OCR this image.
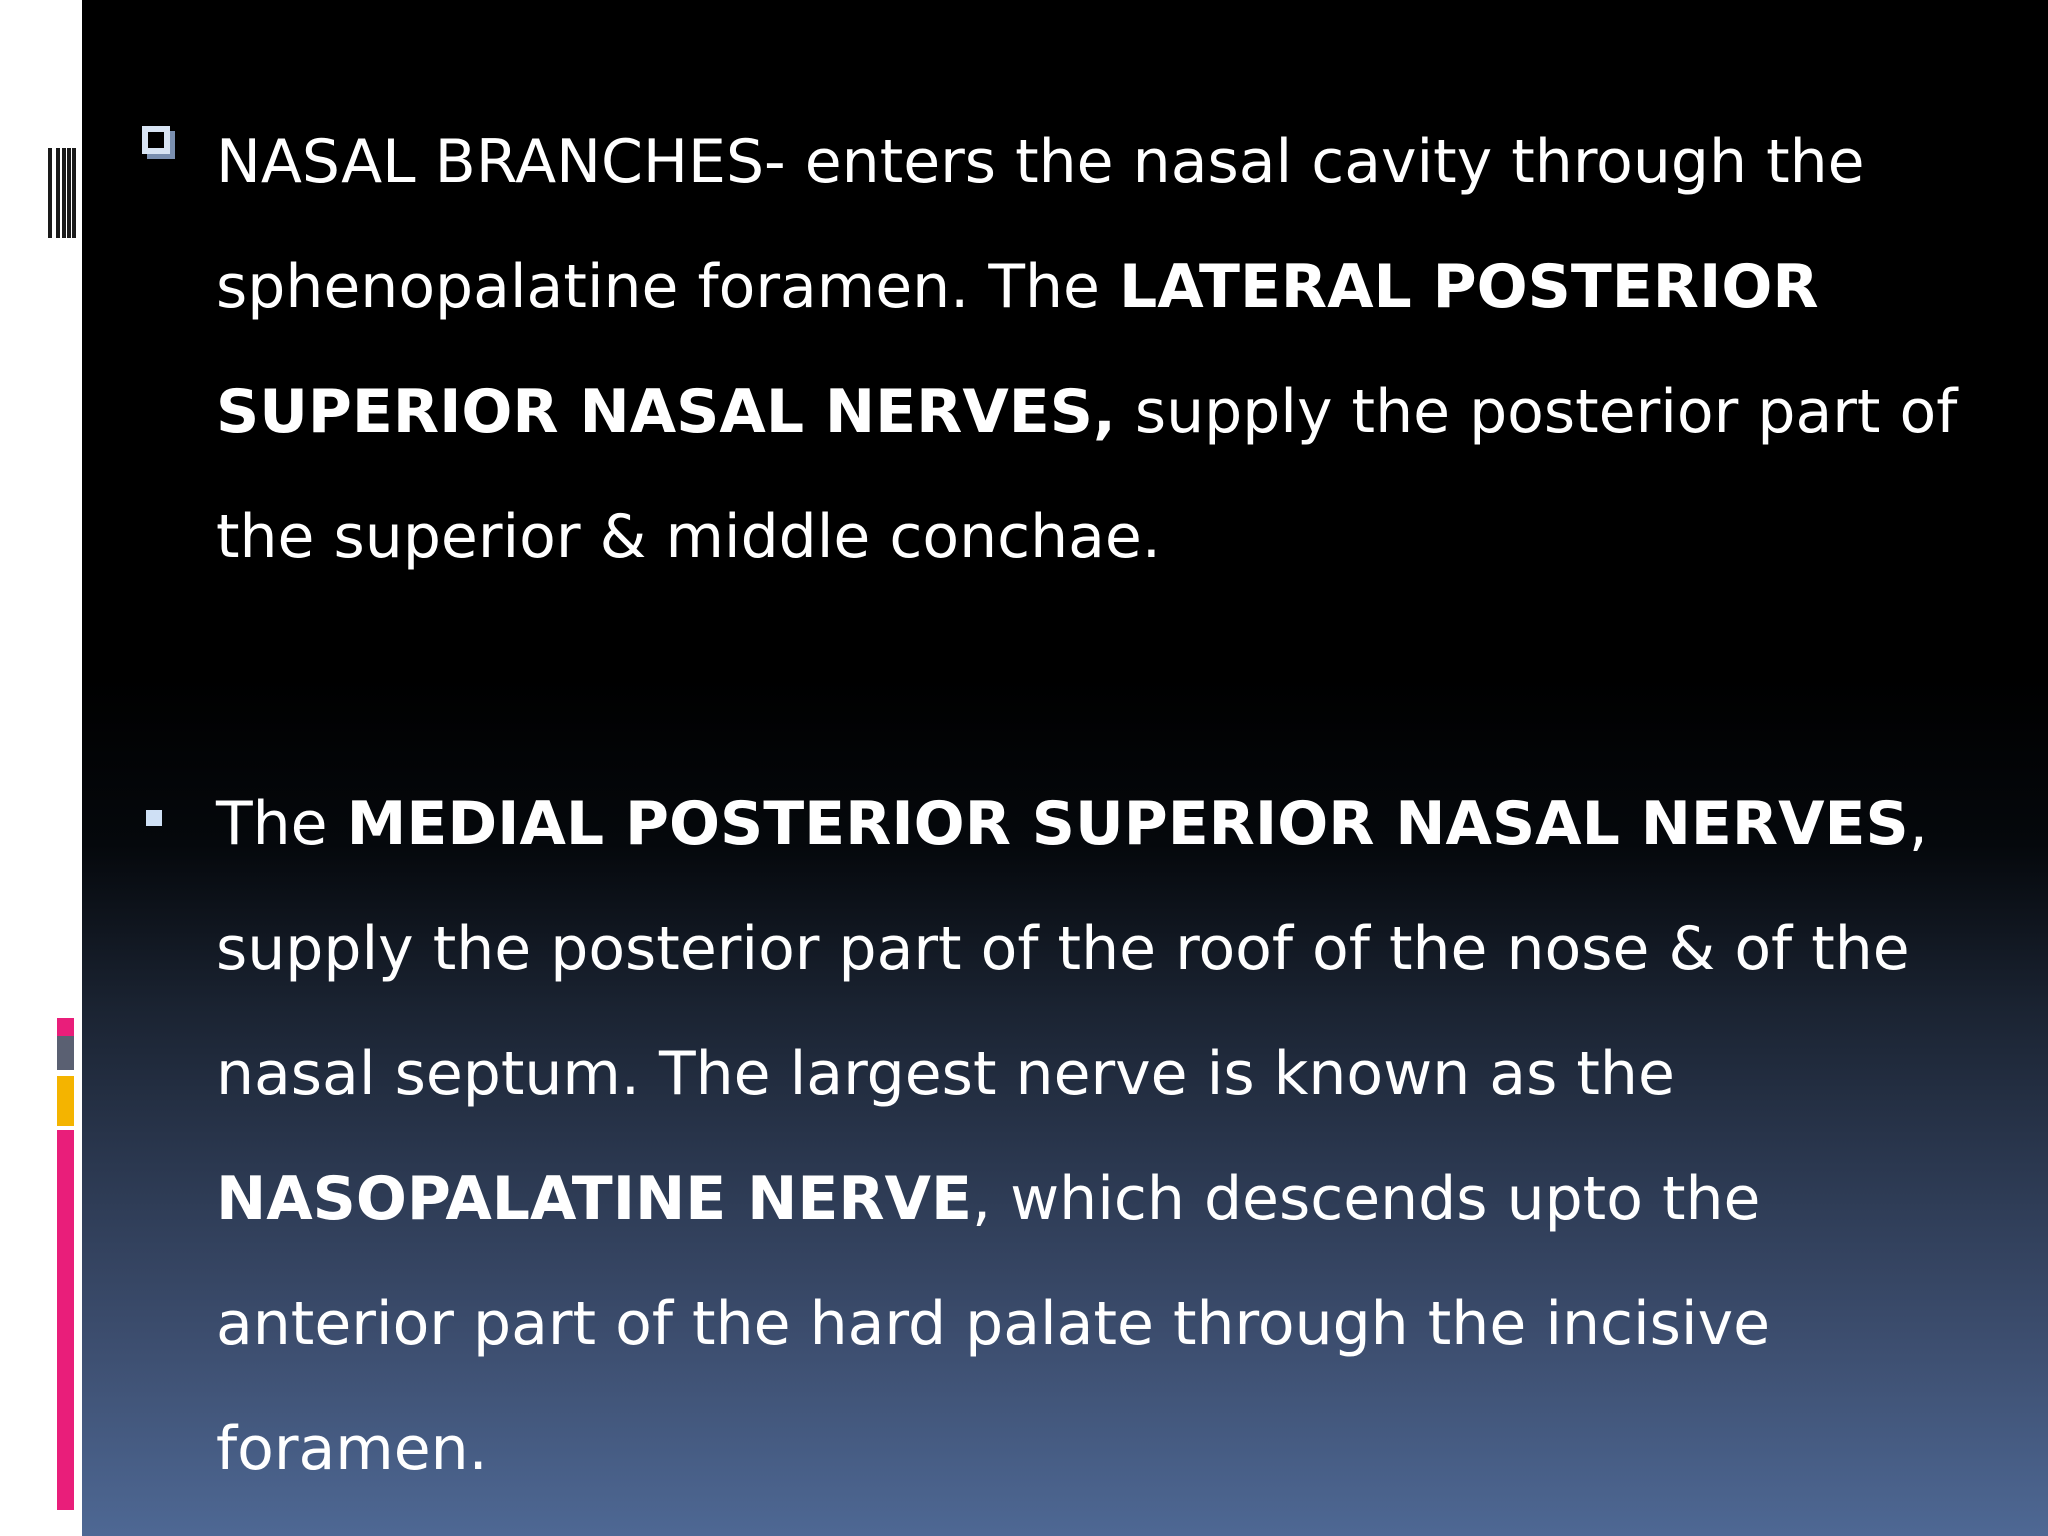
NASAL BRANCHES- enters the nasal cavity through the sphenopalatine foramen. The LATERAL POSTERIOR SUPERIOR NASAL NERVES, supply the posterior part of the superior & middle conchae.
The MEDIAL POSTERIOR SUPERIOR NASAL NERVES, supply the posterior part of the roof of the nose & of the nasal septum. The largest nerve is known as the NASOPALATINE NERVE, which descends upto the anterior part of the hard palate through the incisive foramen.
